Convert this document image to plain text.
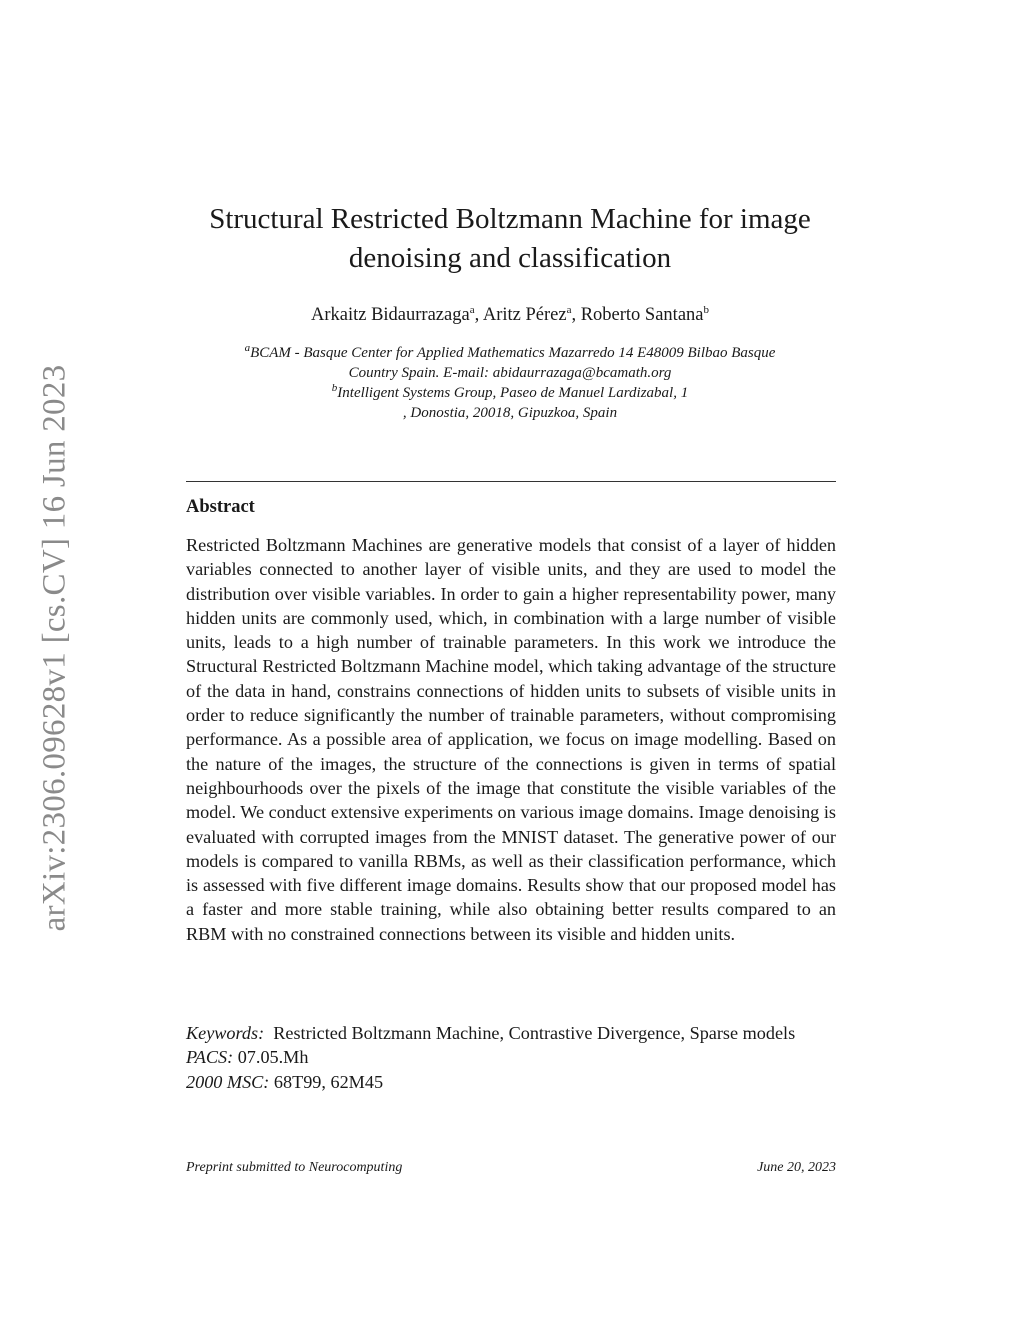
arXiv:2306.09628v1 [cs.CV] 16 Jun 2023
Structural Restricted Boltzmann Machine for image
denoising and classification
Arkaitz Bidaurrazaga$^a$, Aritz Pérez$^a$, Roberto Santana$^b$
$^a$BCAM - Basque Center for Applied Mathematics Mazarredo 14 E48009 Bilbao Basque
Country Spain. E-mail: abidaurrazaga@bcamath.org
$^b$Intelligent Systems Group, Paseo de Manuel Lardizabal, 1
, Donostia, 20018, Gipuzkoa, Spain
Abstract

Restricted Boltzmann Machines are generative models that consist of a layer of hidden variables connected to another layer of visible units, and they are used to model the distribution over visible variables. In order to gain a higher representability power, many hidden units are commonly used, which, in combination with a large number of visible units, leads to a high number of trainable parameters. In this work we introduce the Structural Restricted Boltzmann Machine model, which taking advantage of the structure of the data in hand, constrains connections of hidden units to subsets of visible units in order to reduce significantly the number of trainable parameters, without compromising performance. As a possible area of application, we focus on image modelling. Based on the nature of the images, the structure of the connections is given in terms of spatial neighbourhoods over the pixels of the image that constitute the visible variables of the model. We conduct extensive experiments on various image domains. Image denoising is evaluated with corrupted images from the MNIST dataset. The generative power of our models is compared to vanilla RBMs, as well as their classification performance, which is assessed with five different image domains. Results show that our proposed model has a faster and more stable training, while also obtaining better results compared to an RBM with no constrained connections between its visible and hidden units.

Keywords: Restricted Boltzmann Machine, Contrastive Divergence, Sparse models
PACS: 07.05.Mh
2000 MSC: 68T99, 62M45
Preprint submitted to Neurocomputing	June 20, 2023
